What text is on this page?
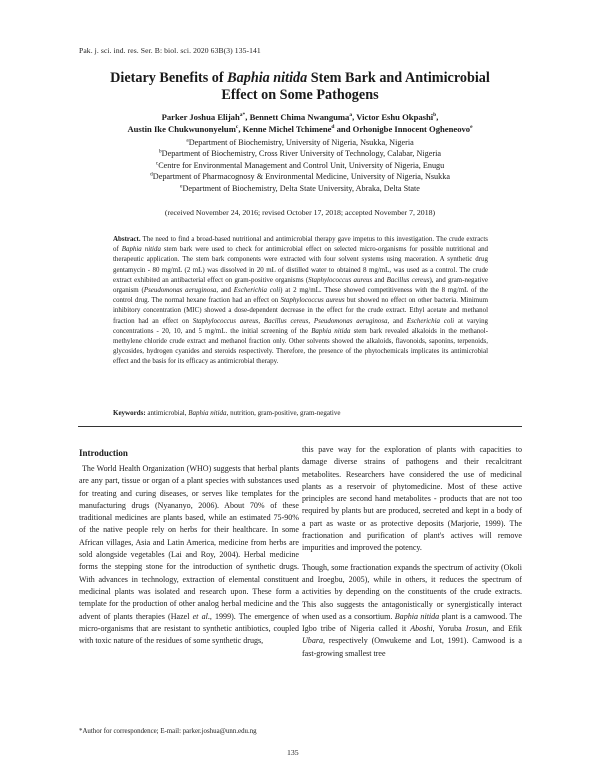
Pak. j. sci. ind. res. Ser. B: biol. sci. 2020 63B(3) 135-141
Dietary Benefits of Baphia nitida Stem Bark and Antimicrobial
Effect on Some Pathogens
Parker Joshua Elijah$^{a*}$, Bennett Chima Nwanguma$^a$, Victor Eshu Okpashi$^b$,
Austin Ike Chukwunonyelum$^c$, Kenne Michel Tchimene$^d$ and Orhonigbe Innocent Ogheneovo$^e$
$^a$Department of Biochemistry, University of Nigeria, Nsukka, Nigeria
$^b$Department of Biochemistry, Cross River University of Technology, Calabar, Nigeria
$^c$Centre for Environmental Management and Control Unit, University of Nigeria, Enugu
$^d$Department of Pharmacognosy & Environmental Medicine, University of Nigeria, Nsukka
$^e$Department of Biochemistry, Delta State University, Abraka, Delta State
(received November 24, 2016; revised October 17, 2018; accepted November 7, 2018)
Abstract. The need to find a broad-based nutritional and antimicrobial therapy gave impetus to this investigation. The crude extracts of Baphia nitida stem bark were used to check for antimicrobial effect on selected micro-organisms for possible nutritional and therapeutic application. The stem bark components were extracted with four solvent systems using maceration. A synthetic drug gentamycin - 80 mg/mL (2 mL) was dissolved in 20 mL of distilled water to obtained 8 mg/mL, was used as a control. The crude extract exhibited an antibacterial effect on gram-positive organisms (Staphylococcus aureus and Bacillus cereus), and gram-negative organism (Pseudomonas aeruginosa, and Escherichia coli) at 2 mg/mL. These showed competitiveness with the 8 mg/mL of the control drug. The normal hexane fraction had an effect on Staphylococcus aureus but showed no effect on other bacteria. Minimum inhibitory concentration (MIC) showed a dose-dependent decrease in the effect for the crude extract. Ethyl acetate and methanol fraction had an effect on Staphylococcus aureus, Bacillus cereus, Pseudomonas aeruginosa, and Escherichia coli at varying concentrations - 20, 10, and 5 mg/mL. the initial screening of the Baphia nitida stem bark revealed alkaloids in the methanol-methylene chloride crude extract and methanol fraction only. Other solvents showed the alkaloids, flavonoids, saponins, terpenoids, glycosides, hydrogen cyanides and steroids respectively. Therefore, the presence of the phytochemicals implicates its antimicrobial effect and the basis for its efficacy as antimicrobial therapy.
Keywords: antimicrobial, Baphia nitida, nutrition, gram-positive, gram-negative
Introduction

The World Health Organization (WHO) suggests that herbal plants are any part, tissue or organ of a plant species with substances used for treating and curing diseases, or serves like templates for the manufacturing drugs (Nyananyo, 2006). About 70% of these traditional medicines are plants based, while an estimated 75-90% of the native people rely on herbs for their healthcare. In some African villages, Asia and Latin America, medicine from herbs are sold alongside vegetables (Lai and Roy, 2004). Herbal medicine forms the stepping stone for the introduction of synthetic drugs. With advances in technology, extraction of elemental constituent medicinal plants was isolated and research upon. These form a template for the production of other analog herbal medicine and the advent of plants therapies (Hazel et al., 1999). The emergence of micro-organisms that are resistant to synthetic antibiotics, coupled with toxic nature of the residues of some synthetic drugs,

this pave way for the exploration of plants with capacities to damage diverse strains of pathogens and their recalcitrant metabolites. Researchers have considered the use of medicinal plants as a reservoir of phytomedicine. Most of these active principles are second hand metabolites - products that are not too required by plants but are produced, secreted and kept in a body of a part as waste or as protective deposits (Marjorie, 1999). The fractionation and purification of plant's actives will remove impurities and improved the potency.

Though, some fractionation expands the spectrum of activity (Okoli and Iroegbu, 2005), while in others, it reduces the spectrum of activities by depending on the constituents of the crude extracts. This also suggests the antagonistically or synergistically interact when used as a consortium. Baphia nitida plant is a camwood. The Igbo tribe of Nigeria called it Aboshi, Yoruba Irosun, and Efik Ubara, respectively (Onwukeme and Lot, 1991). Camwood is a fast-growing smallest tree

*Author for correspondence; E-mail: parker.joshua@unn.edu.ng
135
